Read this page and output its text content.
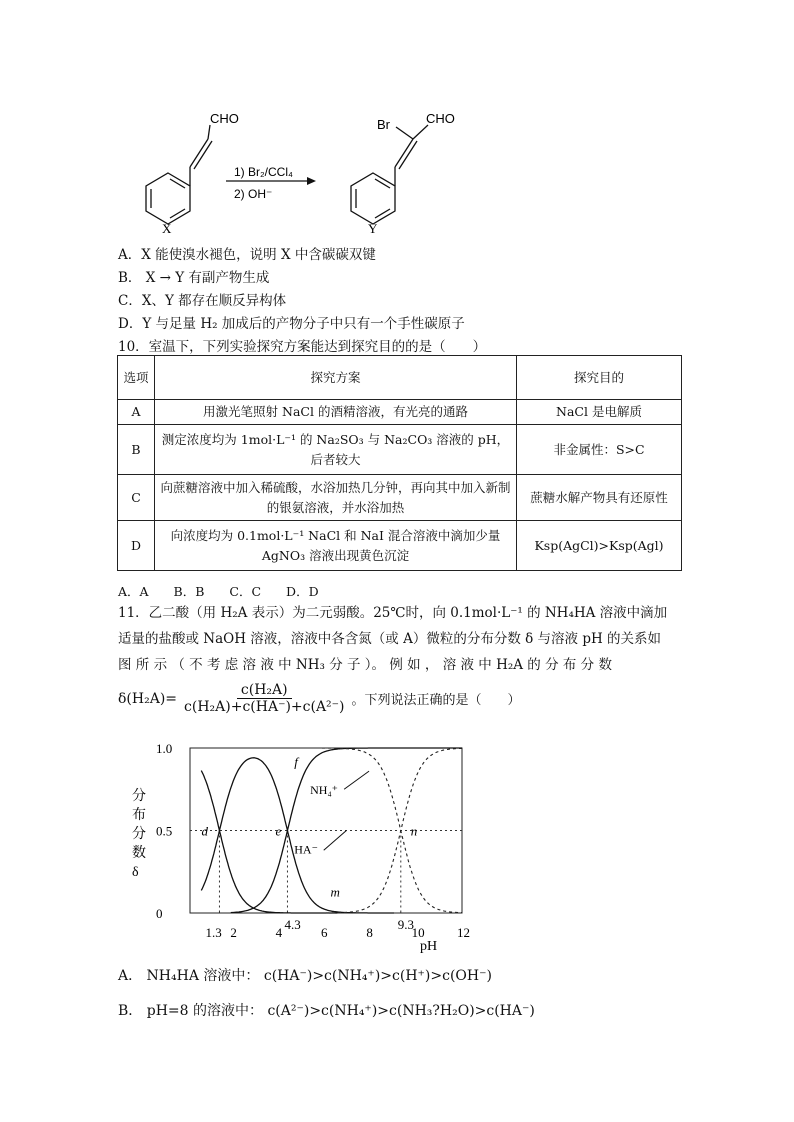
CHO
X
1) Br₂/CCl₄
2) OH⁻
Br	CHO
Y
A．X 能使溴水褪色，说明 X 中含碳碳双键
B． X → Y 有副产物生成
C．X、Y 都存在顺反异构体
D．Y 与足量 H₂ 加成后的产物分子中只有一个手性碳原子
10．室温下，下列实验探究方案能达到探究目的的是（　　）
选项	探究方案	探究目的
A	用激光笔照射 NaCl 的酒精溶液，有光亮的通路	NaCl 是电解质
B	测定浓度均为 1mol·L⁻¹ 的 Na₂SO₃ 与 Na₂CO₃ 溶液的 pH，后者较大	非金属性：S>C
C	向蔗糖溶液中加入稀硫酸，水浴加热几分钟，再向其中加入新制的银氨溶液，并水浴加热	蔗糖水解产物具有还原性
D	向浓度均为 0.1mol·L⁻¹ NaCl 和 NaI 混合溶液中滴加少量 AgNO₃ 溶液出现黄色沉淀	Ksp(AgCl)>Ksp(Agl)
A．A　　B．B　　C．C　　D．D
11．乙二酸（用 H₂A 表示）为二元弱酸。25℃时，向 0.1mol·L⁻¹ 的 NH₄HA 溶液中滴加
适量的盐酸或 NaOH 溶液，溶液中各含氮（或 A）微粒的分布分数 δ 与溶液 pH 的关系如
图 所 示 （ 不 考 虑 溶 液 中 NH₃ 分 子 ）。 例 如 ， 溶 液 中 H₂A 的 分 布 分 数
$\delta(H_2A)= \frac{\text{c(H₂A)}}{\text{c(H₂A)+c(HA⁻)+c(A²⁻)}}$ 。下列说法正确的是（　　）
分
布
分
数
δ
0
0.5
1.0
1.3 2	4
4.3
6	8
9.3
10 12
d	e
f
n
m
NH₄⁺
HA⁻
pH
A． NH₄HA 溶液中： c(HA⁻)>c(NH₄⁺)>c(H⁺)>c(OH⁻)
B． pH=8 的溶液中： c(A²⁻)>c(NH₄⁺)>c(NH₃?H₂O)>c(HA⁻)
